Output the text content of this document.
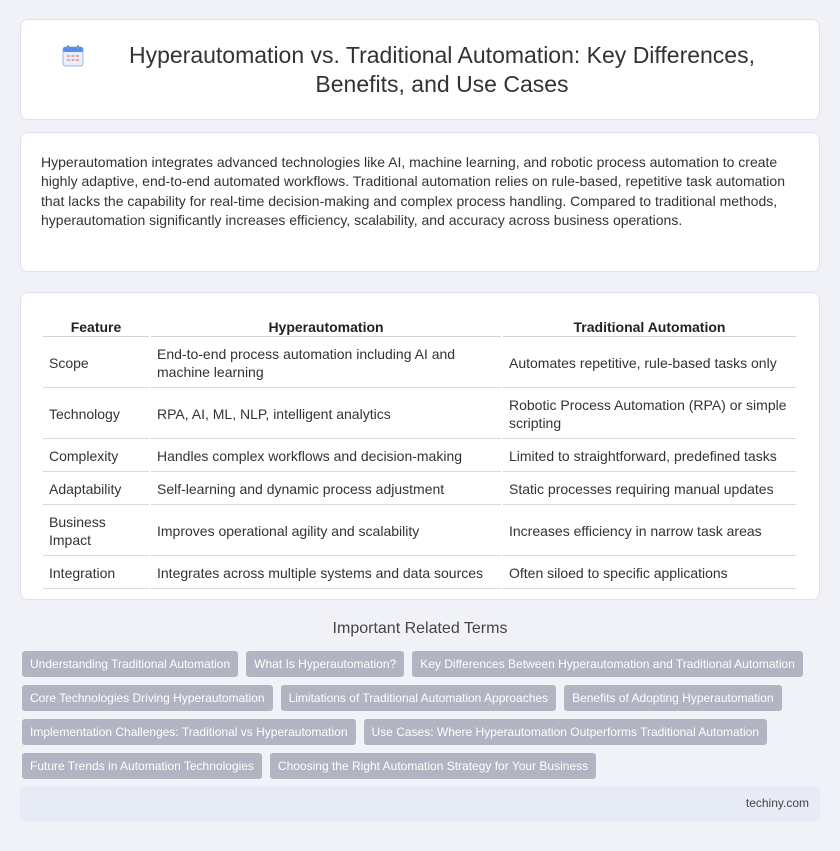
Hyperautomation vs. Traditional Automation: Key Differences, Benefits, and Use Cases

Hyperautomation integrates advanced technologies like AI, machine learning, and robotic process automation to create highly adaptive, end-to-end automated workflows. Traditional automation relies on rule-based, repetitive task automation that lacks the capability for real-time decision-making and complex process handling. Compared to traditional methods, hyperautomation significantly increases efficiency, scalability, and accuracy across business operations.

Feature	Hyperautomation	Traditional Automation
Scope	End-to-end process automation including AI and machine learning	Automates repetitive, rule-based tasks only
Technology	RPA, AI, ML, NLP, intelligent analytics	Robotic Process Automation (RPA) or simple scripting
Complexity	Handles complex workflows and decision-making	Limited to straightforward, predefined tasks
Adaptability	Self-learning and dynamic process adjustment	Static processes requiring manual updates
Business Impact	Improves operational agility and scalability	Increases efficiency in narrow task areas
Integration	Integrates across multiple systems and data sources	Often siloed to specific applications
Important Related Terms
Understanding Traditional Automation	What Is Hyperautomation?	Key Differences Between Hyperautomation and Traditional Automation
Core Technologies Driving Hyperautomation	Limitations of Traditional Automation Approaches	Benefits of Adopting Hyperautomation
Implementation Challenges: Traditional vs Hyperautomation	Use Cases: Where Hyperautomation Outperforms Traditional Automation
Future Trends in Automation Technologies	Choosing the Right Automation Strategy for Your Business
techiny.com
